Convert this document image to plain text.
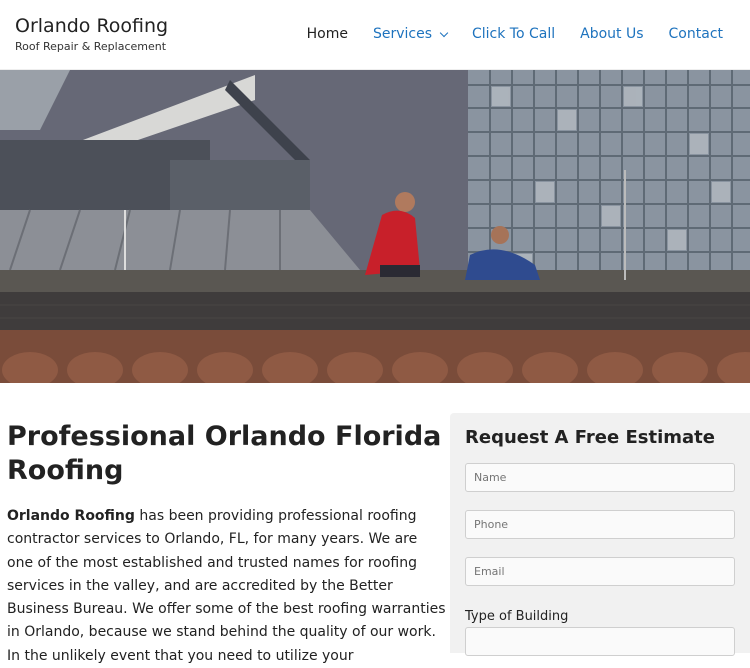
Orlando Roofing
Roof Repair & Replacement
Home Services	Click To Call About Us Contact
Professional Orlando Florida Roofing

Orlando Roofing has been providing professional roofing contractor services to Orlando, FL, for many years. We are one of the most established and trusted names for roofing services in the valley, and are accredited by the Better Business Bureau. We offer some of the best roofing warranties in Orlando, because we stand behind the quality of our work. In the unlikely event that you need to utilize your

Request A Free Estimate
Name
Phone
Email
Type of Building
